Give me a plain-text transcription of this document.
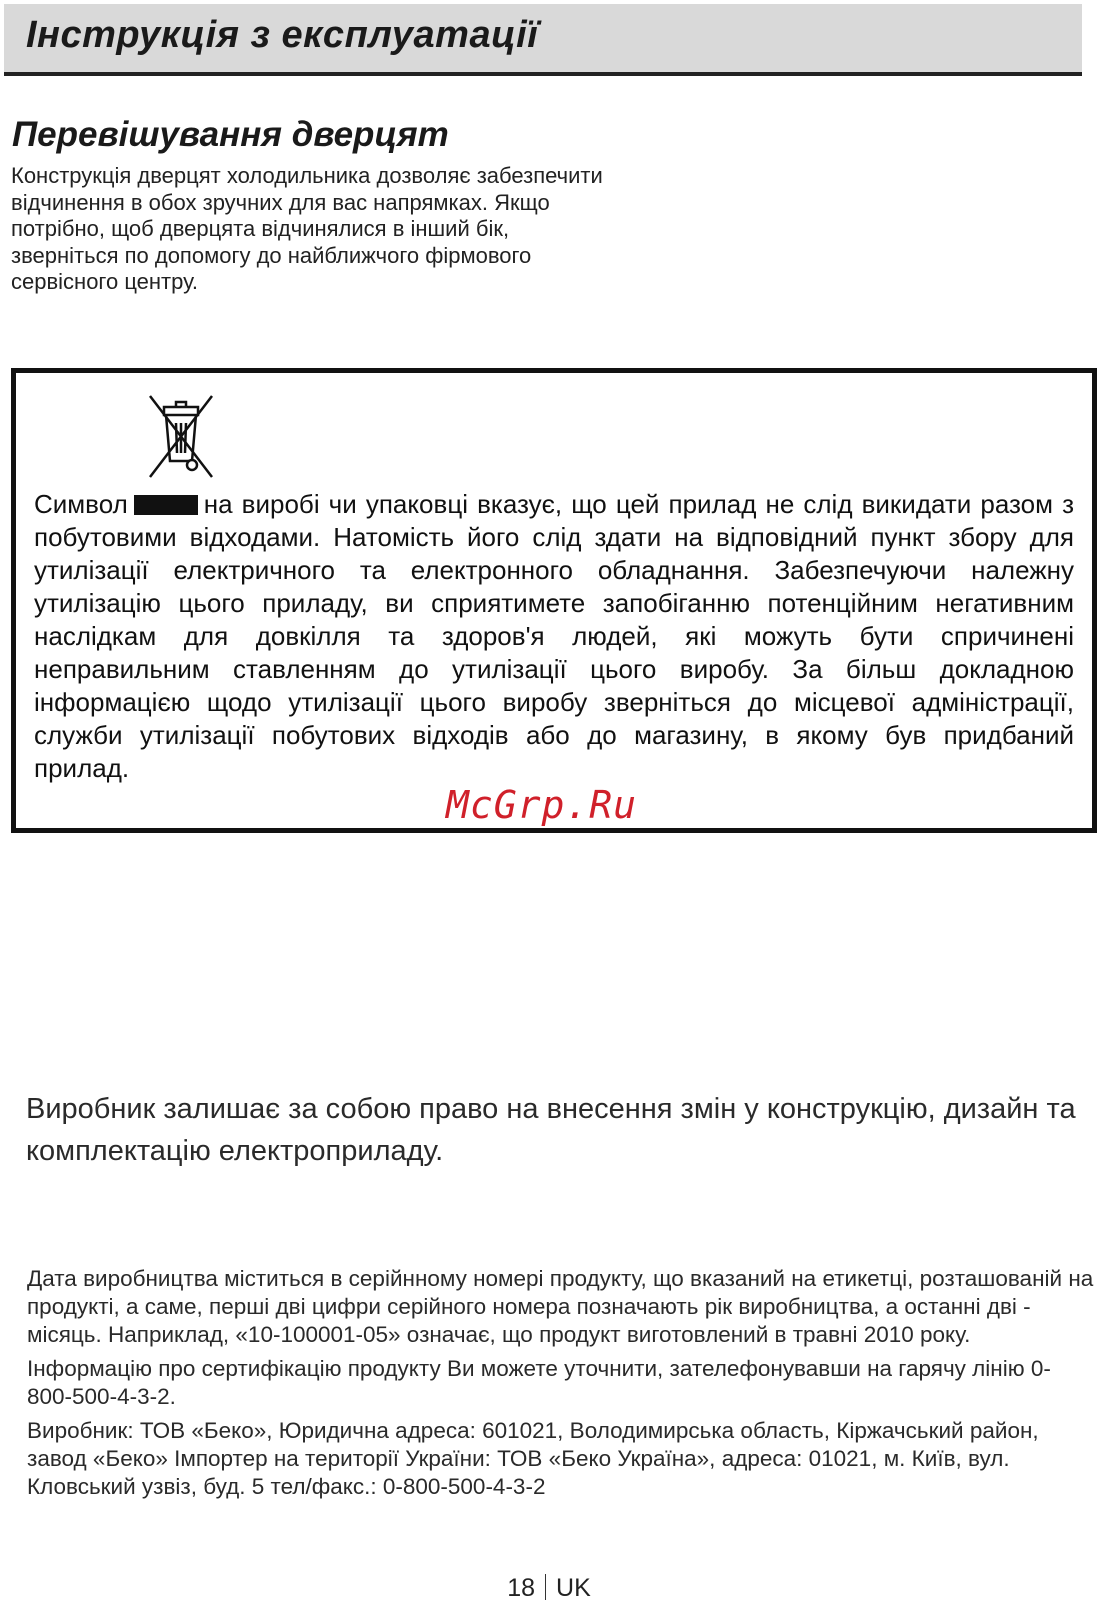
Інструкція з експлуатації
Перевішування дверцят

Конструкція дверцят холодильника дозволяє забезпечити відчинення в обох зручних для вас напрямках. Якщо потрібно, щоб дверцята відчинялися в інший бік, зверніться по допомогу до найближчого фірмового сервісного центру.

Символ	на виробі чи упаковці вказує, що цей прилад не слід викидати разом з побутовими відходами. Натомість його слід здати на відповідний пункт збору для утилізації електричного та електронного обладнання. Забезпечуючи належну утилізацію цього приладу, ви сприятимете запобіганню потенційним негативним наслідкам для довкілля та здоров'я людей, які можуть бути спричинені неправильним ставленням до утилізації цього виробу. За більш докладною інформацією щодо утилізації цього виробу зверніться до місцевої адміністрації, служби утилізації побутових відходів або до магазину, в якому був придбаний прилад.

McGrp.Ru

Виробник залишає за собою право на внесення змін у конструкцію, дизайн та комплектацію електроприладу.

Дата виробництва міститься в серійнному номері продукту, що вказаний на етикетці, розташованій на продукті, а саме, перші дві цифри серійного номера позначають рік виробництва, а останні дві - місяць. Наприклад, «10-100001-05» означає, що продукт виготовлений в травні 2010 року.

Інформацію про сертифікацію продукту Ви можете уточнити, зателефонувавши на гарячу лінію 0-800-500-4-3-2.

Виробник: ТОВ «Беко», Юридична адреса: 601021, Володимирська область, Кіржачський район, завод «Беко» Імпортер на території України: ТОВ «Беко Україна», адреса: 01021, м. Київ, вул. Кловський узвіз, буд. 5 тел/факс.: 0-800-500-4-3-2

18 UK
